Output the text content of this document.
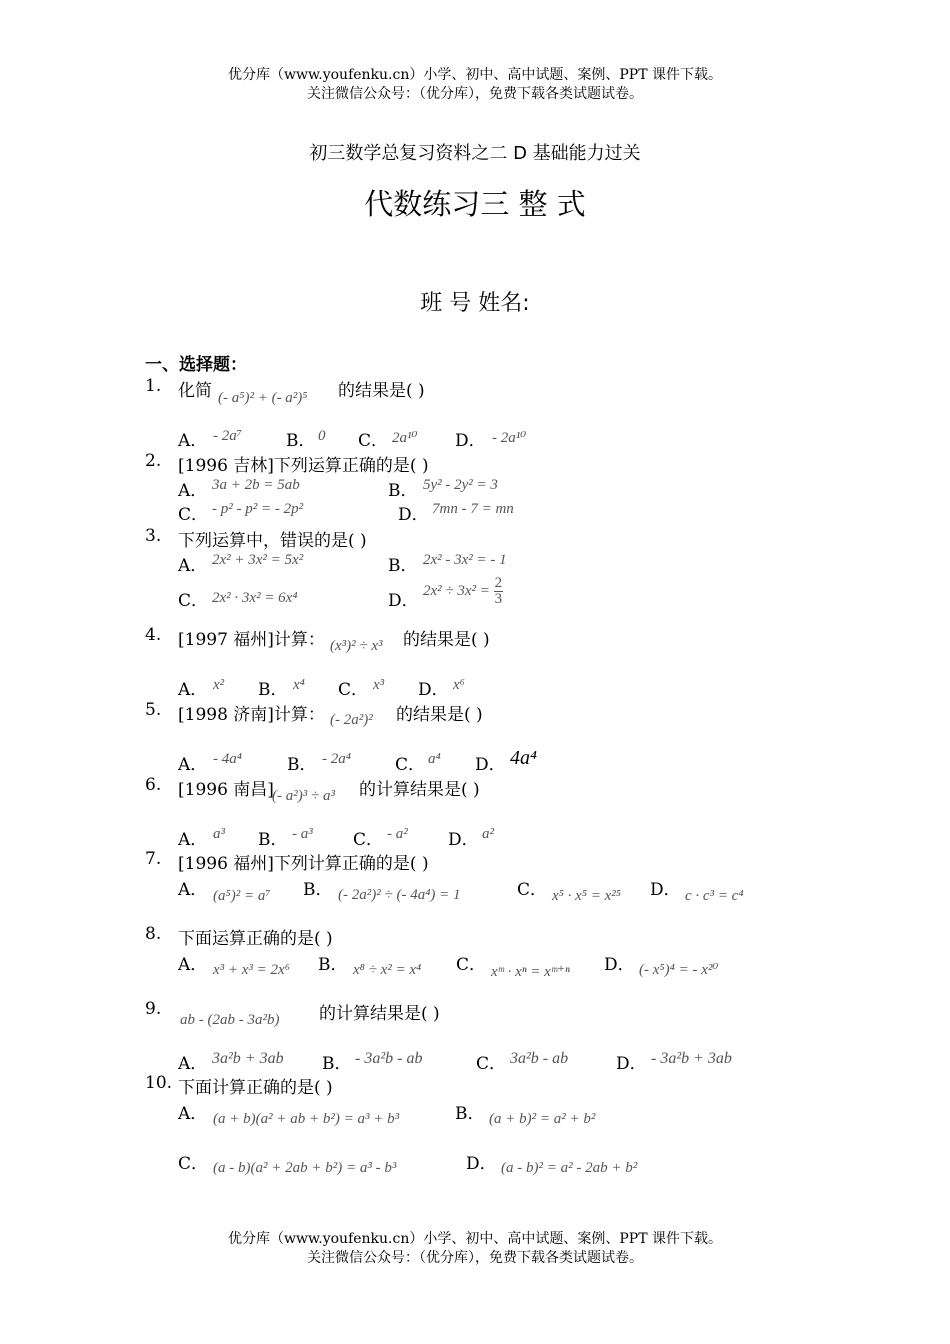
优分库（www.youfenku.cn）小学、初中、高中试题、案例、PPT 课件下载。
关注微信公众号：（优分库），免费下载各类试题试卷。
初三数学总复习资料之二 D 基础能力过关
代数练习三 整 式
班 号 姓名:
一、选择题：
1. 化简 (- a⁵)² + (- a²)⁵ 的结果是( )
A． - 2a⁷	B． 0 C． 2a¹⁰ D． - 2a¹⁰
2. [1996 吉林]下列运算正确的是( )
A． 3a + 2b = 5ab	B． 5y² - 2y² = 3
C． - p² - p² = - 2p²	D． 7mn - 7 = mn
3. 下列运算中，错误的是( )
A． 2x² + 3x² = 5x²	B． 2x² - 3x² = - 1
C． 2x² · 3x² = 6x⁴	D．
$2x^2 \div 3x^2 = \frac{2}{3}$
4. [1997 福州]计算： (x³)² ÷ x³ 的结果是( )
A． x² B． x⁴ C． x³ D． x⁶
5. [1998 济南]计算： (- 2a²)² 的结果是( )
A． - 4a⁴	B． - 2a⁴	C． a⁴ D． 4a⁴
6. [1996 南昌]
(- a²)³ ÷ a³ 的计算结果是( )
A． a³ B． - a³ C． - a² D． a²
7. [1996 福州]下列计算正确的是( )
A． (a⁵)² = a⁷ B． (- 2a²)² ÷ (- 4a⁴) = 1	C． x⁵ · x⁵ = x²⁵ D． c · c³ = c⁴
8. 下面运算正确的是( )
A． x³ + x³ = 2x⁶ B． x⁸ ÷ x² = x⁴ C． xᵐ · xⁿ = xᵐ⁺ⁿ D． (- x⁵)⁴ = - x²⁰
9.
ab - (2ab - 3a²b) 的计算结果是( )
A． 3a²b + 3ab B． - 3a²b - ab	C． 3a²b - ab	D． - 3a²b + 3ab
10. 下面计算正确的是( )
A． (a + b)(a² + ab + b²) = a³ + b³	B． (a + b)² = a² + b²
C． (a - b)(a² + 2ab + b²) = a³ - b³	D． (a - b)² = a² - 2ab + b²
优分库（www.youfenku.cn）小学、初中、高中试题、案例、PPT 课件下载。
关注微信公众号：（优分库），免费下载各类试题试卷。
